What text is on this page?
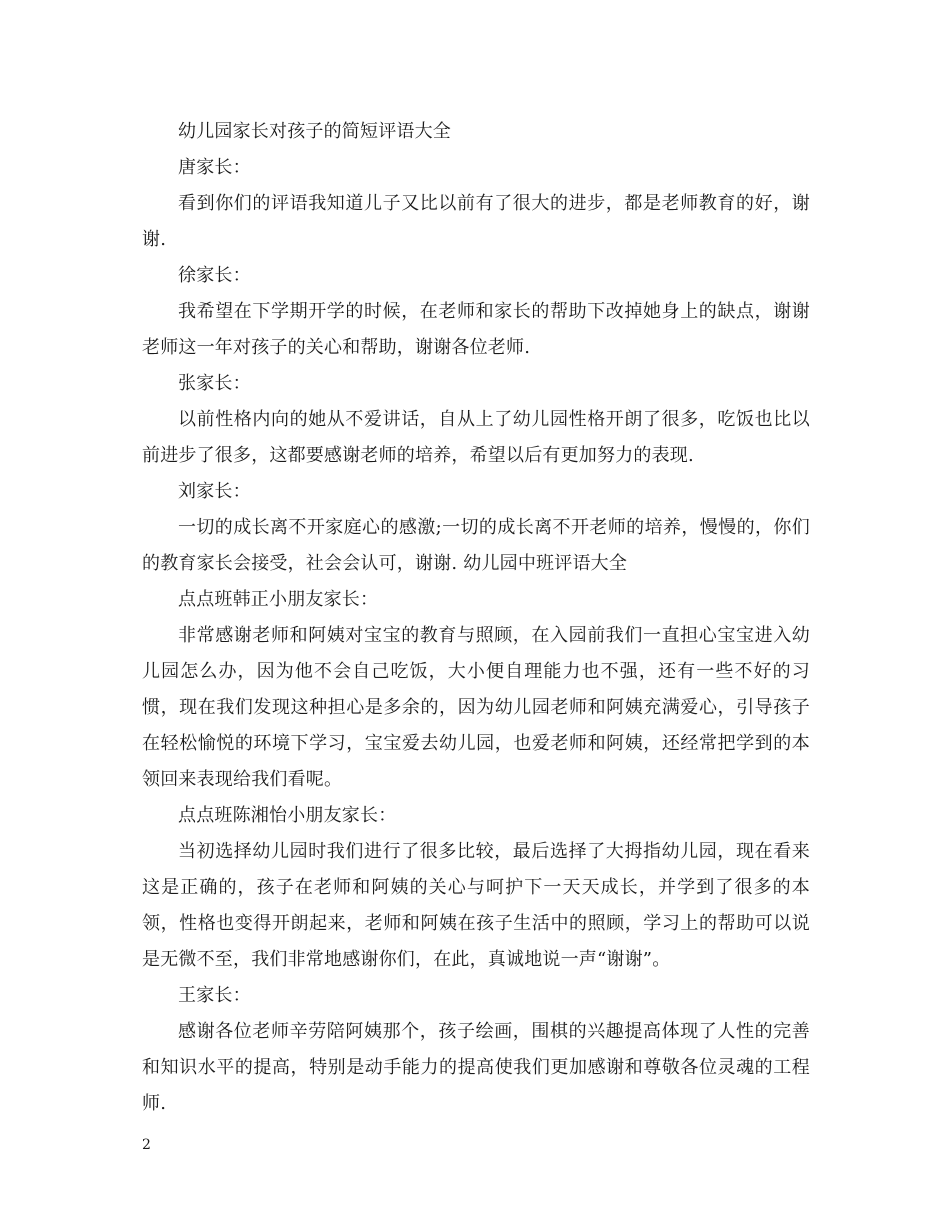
幼儿园家长对孩子的简短评语大全

唐家长：

看到你们的评语我知道儿子又比以前有了很大的进步，都是老师教育的好，谢谢.

徐家长：

我希望在下学期开学的时候，在老师和家长的帮助下改掉她身上的缺点，谢谢老师这一年对孩子的关心和帮助，谢谢各位老师.

张家长：

以前性格内向的她从不爱讲话，自从上了幼儿园性格开朗了很多，吃饭也比以前进步了很多，这都要感谢老师的培养，希望以后有更加努力的表现.

刘家长：

一切的成长离不开家庭心的感激;一切的成长离不开老师的培养，慢慢的，你们的教育家长会接受，社会会认可，谢谢. 幼儿园中班评语大全

点点班韩正小朋友家长：

非常感谢老师和阿姨对宝宝的教育与照顾，在入园前我们一直担心宝宝进入幼儿园怎么办，因为他不会自己吃饭，大小便自理能力也不强，还有一些不好的习惯，现在我们发现这种担心是多余的，因为幼儿园老师和阿姨充满爱心，引导孩子在轻松愉悦的环境下学习，宝宝爱去幼儿园，也爱老师和阿姨，还经常把学到的本领回来表现给我们看呢。

点点班陈湘怡小朋友家长：

当初选择幼儿园时我们进行了很多比较，最后选择了大拇指幼儿园，现在看来这是正确的，孩子在老师和阿姨的关心与呵护下一天天成长，并学到了很多的本领，性格也变得开朗起来，老师和阿姨在孩子生活中的照顾，学习上的帮助可以说是无微不至，我们非常地感谢你们，在此，真诚地说一声“谢谢”。

王家长：

感谢各位老师辛劳陪阿姨那个，孩子绘画，围棋的兴趣提高体现了人性的完善和知识水平的提高，特别是动手能力的提高使我们更加感谢和尊敬各位灵魂的工程师.

2
